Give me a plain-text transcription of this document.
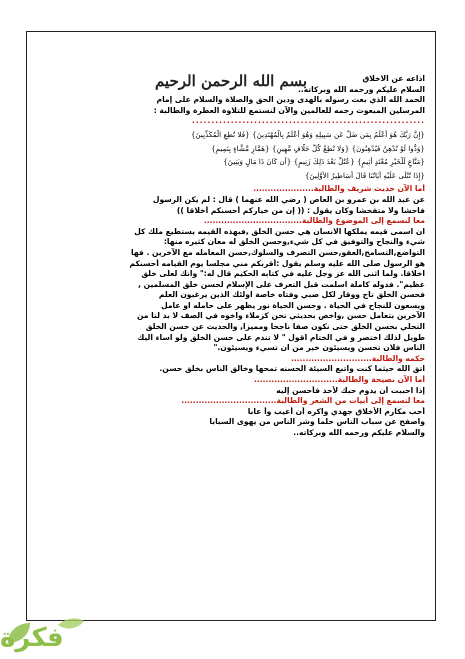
بسم الله الرحمن الرحيم	اذاعه عن الاخلاق
السلام عليكم ورحمه الله وبركاته..
الحمد الله الذي بعث رسوله بالهدى ودين الحق والصلاة والسلام على إمام
المرسلين المبعوث رحمه للعالمين والآن لنستمع للتلاوة العطرة والطالبة :
............................................................
{إِنَّ رَبَّكَ هُوَ أَعْلَمُ بِمَن ضَلَّ عَن سَبِيلِهِ وَهُوَ أَعْلَمُ بِالْمُهْتَدِينَ} {فَلا تُطِعِ الْمُكَذِّبِينَ}
{وَدُّوا لَوْ تُدْهِنُ فَيُدْهِنُونَ} {وَلا تُطِعْ كُلَّ حَلَّافٍ مَّهِينٍ} {هَمَّازٍ مَّشَّاءٍ بِنَمِيمٍ}
{مَنَّاعٍ لِّلْخَيْرِ مُعْتَدٍ أَثِيمٍ} {عُتُلٍّ بَعْدَ ذَلِكَ زَنِيمٍ} {أَن كَانَ ذَا مَالٍ وَبَنِينَ}
{إِذَا تُتْلَى عَلَيْهِ آيَاتُنَا قَالَ أَسَاطِيرُ الأَوَّلِينَ}
أما الآن حديث شريف والطالبة.....................
عن عبد الله بن عمرو بن العاص ( رضي الله عنهما ) قال : لم يكن الرسول
فاحشا ولا متفحشا وكان يقول : (( إن من خياركم أحسنكم أخلاقا ))
معا لنسمع إلى الموضوع والطالبة..................................
ان اسمى قيمه يملكها الانسان هي حسن الخلق ,فبهذه القيمه يستطيع ملك كل
شيء والنجاح والتوفيق في كل شيء,وحسن الخلق له معان كثيره منها:
التواضع,التسامح,العفو,حسن التصرف والسلوك,حسن المعامله مع الآخرين . فها
هو الرسول صلى الله عليه وسلم يقول :أقربكم مني مجلسا يوم القيامه أحسنكم
اخلاقا. ولما اثنى الله عز وجل عليه في كتابه الحكيم قال له:" وانك لعلى خلق
عظيم". فدوله كاملة اسلمت قبل التعرف على الإسلام لحسن خلق المسلمين ,
فحسن الخلق تاج ووقار لكل صبي وفتاه خاصة اولئك الذين يرغبون العلم
ويسعون للنجاح في الحياة . وحسن الحياة نور يظهر على حامله او عامل
الآخرين بتعامل حسن ,واخص بحديثي نحن كزملاء واخوه في الصف لا بد لنا من
التحلي بحسن الخلق حتى نكون صفا ناجحا ومميزا, والحديث عن حسن الخلق
طويل لذلك اختصر و في الختام اقول " لا تندم على حسن الخلق ولو اساء اليك
الناس فلان تحسن ويسيئون خير من ان تسيء ويسيئون."
حكمه والطالبة............................
اتق الله حيثما كنت واتبع السيئة الحسنه تمحها وخالق الناس بخلق حسن.
أما الآن نصيحة والطالبة.............................
إذا احببت أن يدوم حبك لأحد فأحسن إليه
معا لنسمع إلى أبيات من الشعر والطالبة.................................
أحب مكارم الأخلاق جهدي واكره أن أعيب وأ عابا
واصفح عن سباب الناس حلما وشر الناس من يهوى السبابا
والسلام عليكم ورحمه الله وبركاته..
فكرة
